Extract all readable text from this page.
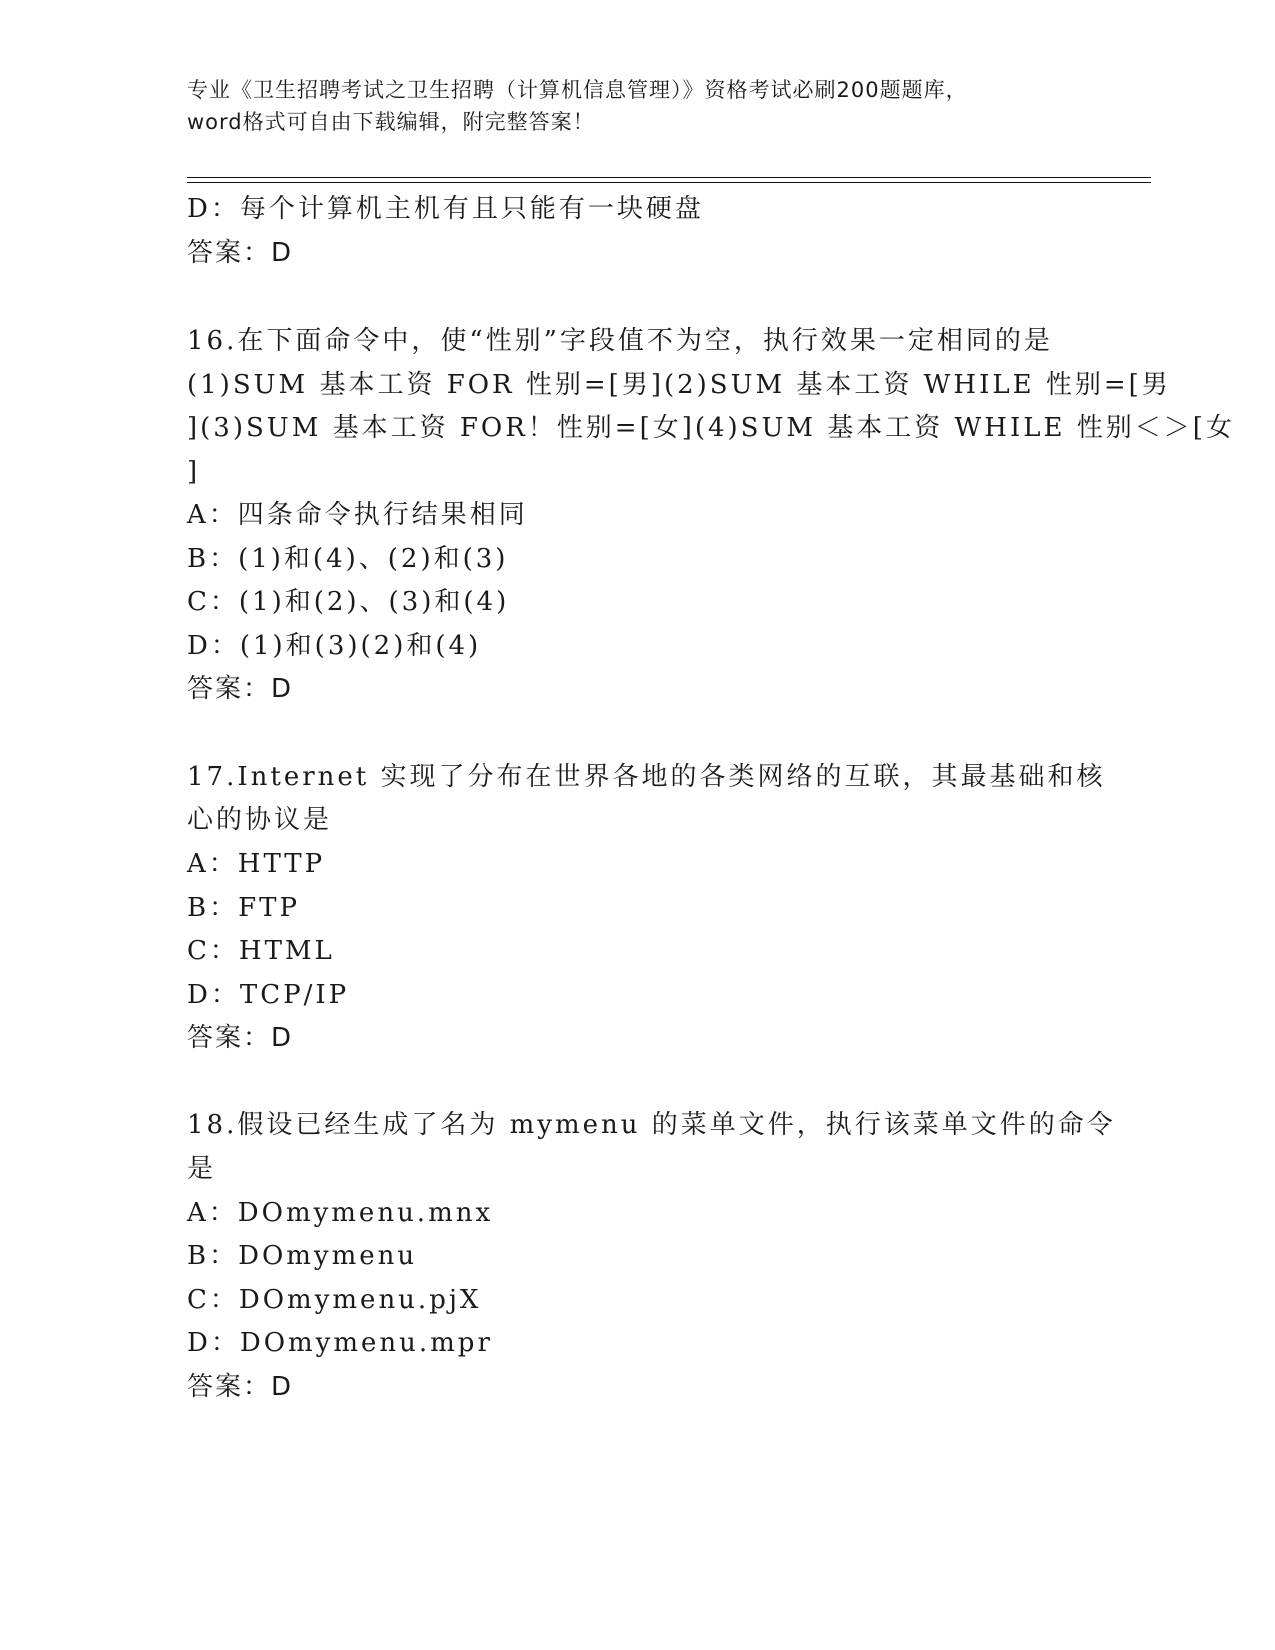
专业《卫生招聘考试之卫生招聘（计算机信息管理）》资格考试必刷200题题库，
word格式可自由下载编辑，附完整答案！
D：每个计算机主机有且只能有一块硬盘
答案：D
16.在下面命令中，使“性别”字段值不为空，执行效果一定相同的是
(1)SUM 基本工资 FOR 性别=[男](2)SUM 基本工资 WHILE 性别=[男
](3)SUM 基本工资 FOR！性别=[女](4)SUM 基本工资 WHILE 性别＜＞[女
]
A：四条命令执行结果相同
B：(1)和(4)、(2)和(3)
C：(1)和(2)、(3)和(4)
D：(1)和(3)(2)和(4)
答案：D
17.Internet 实现了分布在世界各地的各类网络的互联，其最基础和核
心的协议是
A：HTTP
B：FTP
C：HTML
D：TCP/IP
答案：D
18.假设已经生成了名为 mymenu 的菜单文件，执行该菜单文件的命令
是
A：DOmymenu.mnx
B：DOmymenu
C：DOmymenu.pjX
D：DOmymenu.mpr
答案：D
